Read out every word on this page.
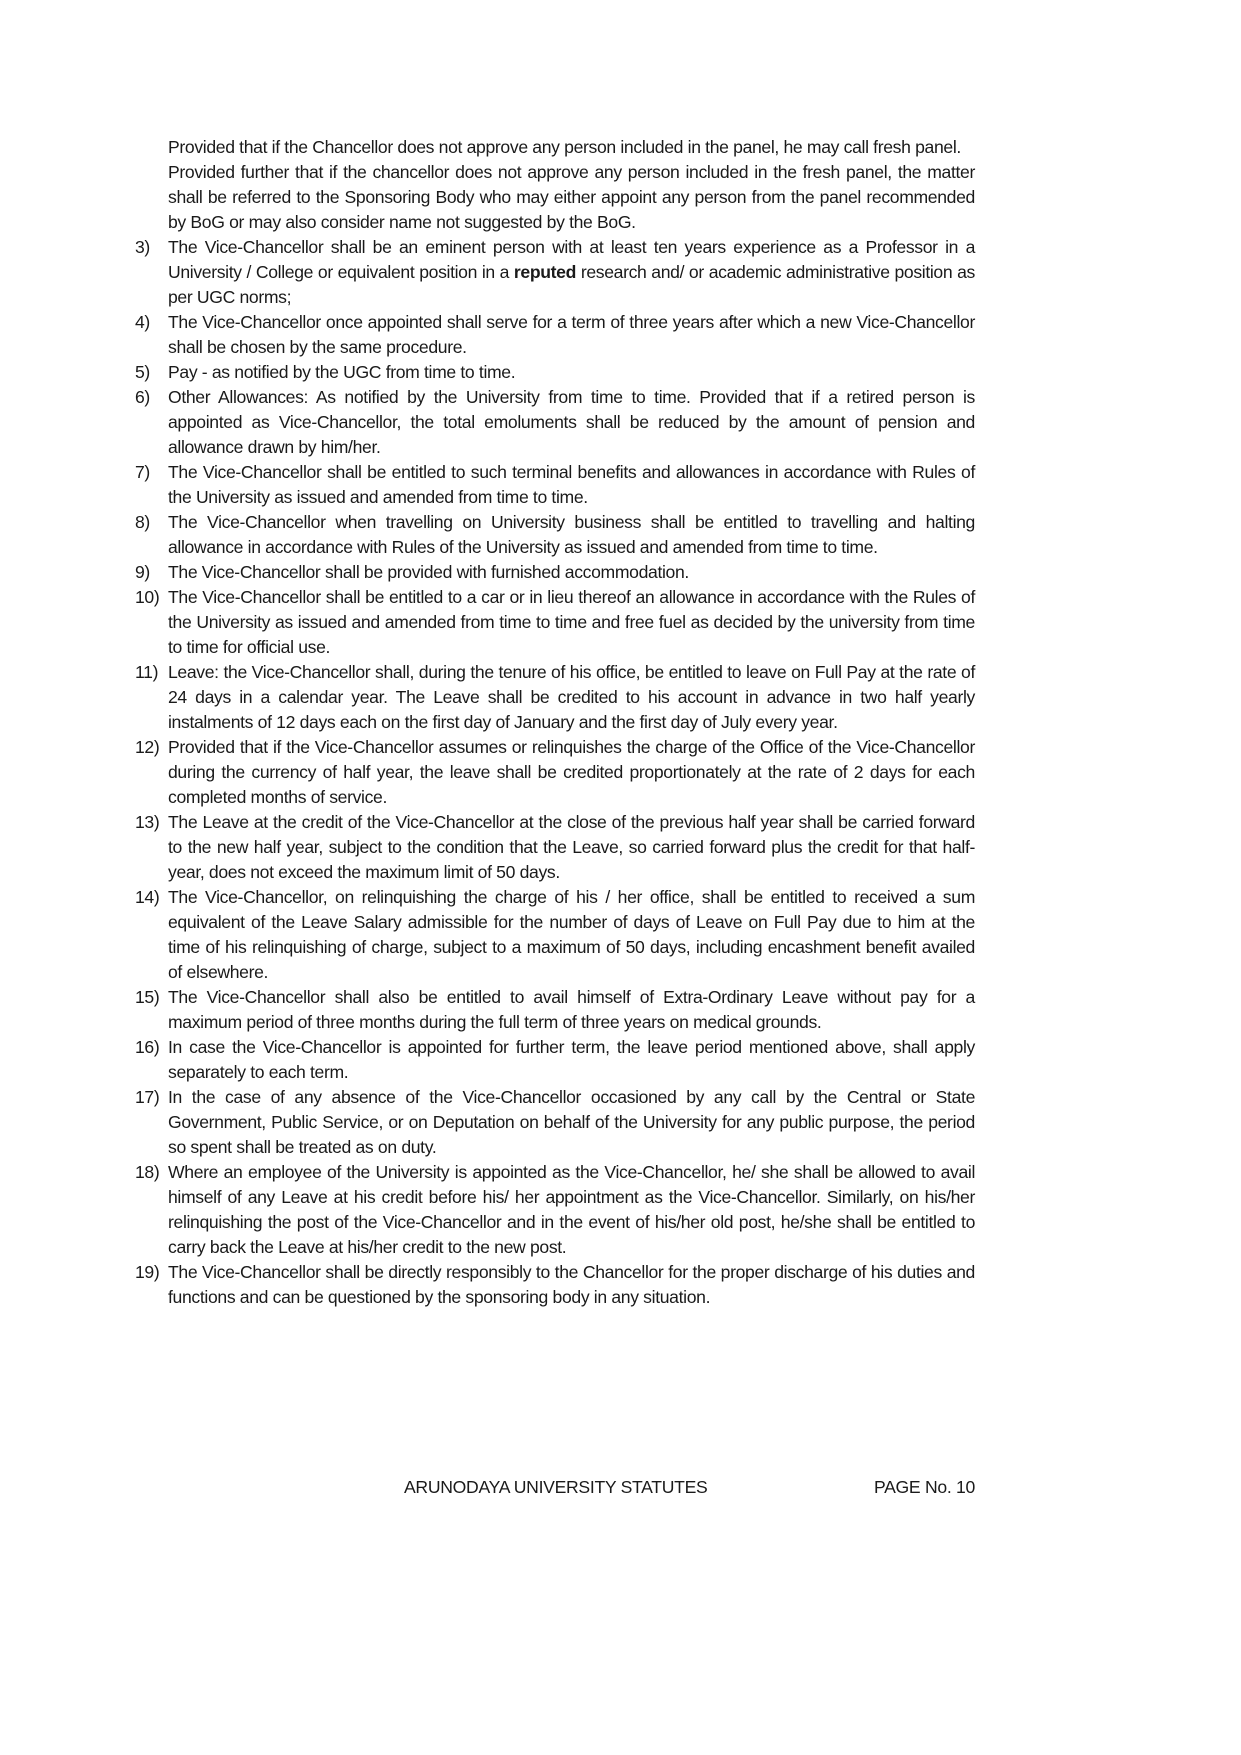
Provided that if the Chancellor does not approve any person included in the panel, he may call fresh panel.

Provided further that if the chancellor does not approve any person included in the fresh panel, the matter shall be referred to the Sponsoring Body who may either appoint any person from the panel recommended by BoG or may also consider name not suggested by the BoG.

3)	The Vice-Chancellor shall be an eminent person with at least ten years experience as a Professor in a University / College or equivalent position in a reputed research and/ or academic administrative position as per UGC norms;
4)	The Vice-Chancellor once appointed shall serve for a term of three years after which a new Vice-Chancellor shall be chosen by the same procedure.
5)	Pay - as notified by the UGC from time to time.
6)	Other Allowances: As notified by the University from time to time. Provided that if a retired person is appointed as Vice-Chancellor, the total emoluments shall be reduced by the amount of pension and allowance drawn by him/her.
7)	The Vice-Chancellor shall be entitled to such terminal benefits and allowances in accordance with Rules of the University as issued and amended from time to time.
8)	The Vice-Chancellor when travelling on University business shall be entitled to travelling and halting allowance in accordance with Rules of the University as issued and amended from time to time.
9)	The Vice-Chancellor shall be provided with furnished accommodation.
10) The Vice-Chancellor shall be entitled to a car or in lieu thereof an allowance in accordance with the Rules of the University as issued and amended from time to time and free fuel as decided by the university from time to time for official use.
11) Leave: the Vice-Chancellor shall, during the tenure of his office, be entitled to leave on Full Pay at the rate of 24 days in a calendar year. The Leave shall be credited to his account in advance in two half yearly instalments of 12 days each on the first day of January and the first day of July every year.
12) Provided that if the Vice-Chancellor assumes or relinquishes the charge of the Office of the Vice-Chancellor during the currency of half year, the leave shall be credited proportionately at the rate of 2 days for each completed months of service.
13) The Leave at the credit of the Vice-Chancellor at the close of the previous half year shall be carried forward to the new half year, subject to the condition that the Leave, so carried forward plus the credit for that half-year, does not exceed the maximum limit of 50 days.
14) The Vice-Chancellor, on relinquishing the charge of his / her office, shall be entitled to received a sum equivalent of the Leave Salary admissible for the number of days of Leave on Full Pay due to him at the time of his relinquishing of charge, subject to a maximum of 50 days, including encashment benefit availed of elsewhere.
15) The Vice-Chancellor shall also be entitled to avail himself of Extra-Ordinary Leave without pay for a maximum period of three months during the full term of three years on medical grounds.
16) In case the Vice-Chancellor is appointed for further term, the leave period mentioned above, shall apply separately to each term.
17) In the case of any absence of the Vice-Chancellor occasioned by any call by the Central or State Government, Public Service, or on Deputation on behalf of the University for any public purpose, the period so spent shall be treated as on duty.
18) Where an employee of the University is appointed as the Vice-Chancellor, he/ she shall be allowed to avail himself of any Leave at his credit before his/ her appointment as the Vice-Chancellor. Similarly, on his/her relinquishing the post of the Vice-Chancellor and in the event of his/her old post, he/she shall be entitled to carry back the Leave at his/her credit to the new post.
19) The Vice-Chancellor shall be directly responsibly to the Chancellor for the proper discharge of his duties and functions and can be questioned by the sponsoring body in any situation.
ARUNODAYA UNIVERSITY STATUTES	PAGE No. 10
